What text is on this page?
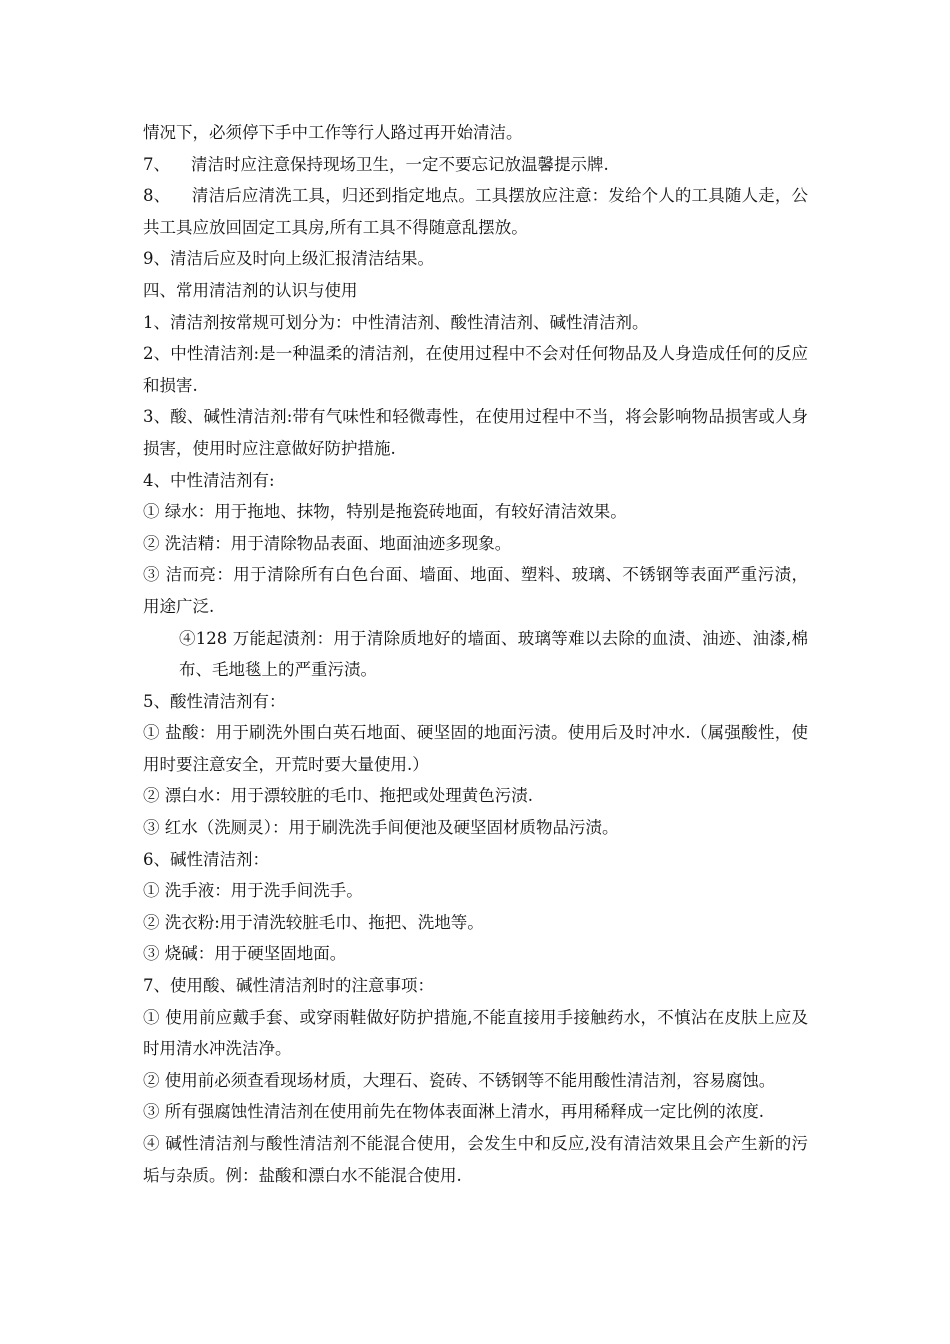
情况下，必须停下手中工作等行人路过再开始清洁。

7、    清洁时应注意保持现场卫生，一定不要忘记放温馨提示牌.

8、    清洁后应清洗工具，归还到指定地点。工具摆放应注意：发给个人的工具随人走，公共工具应放回固定工具房,所有工具不得随意乱摆放。

9、清洁后应及时向上级汇报清洁结果。

四、常用清洁剂的认识与使用

1、清洁剂按常规可划分为：中性清洁剂、酸性清洁剂、碱性清洁剂。

2、中性清洁剂:是一种温柔的清洁剂，在使用过程中不会对任何物品及人身造成任何的反应和损害.

3、酸、碱性清洁剂:带有气味性和轻微毒性，在使用过程中不当，将会影响物品损害或人身损害，使用时应注意做好防护措施.

4、中性清洁剂有:

① 绿水：用于拖地、抹物，特别是拖瓷砖地面，有较好清洁效果。

② 洗洁精：用于清除物品表面、地面油迹多现象。

③ 洁而亮：用于清除所有白色台面、墙面、地面、塑料、玻璃、不锈钢等表面严重污渍，用途广泛.

④128 万能起渍剂：用于清除质地好的墙面、玻璃等难以去除的血渍、油迹、油漆,棉布、毛地毯上的严重污渍。

5、酸性清洁剂有：

① 盐酸：用于刷洗外围白英石地面、硬坚固的地面污渍。使用后及时冲水.（属强酸性，使用时要注意安全，开荒时要大量使用.）

② 漂白水：用于漂较脏的毛巾、拖把或处理黄色污渍.

③ 红水（洗厕灵）：用于刷洗洗手间便池及硬坚固材质物品污渍。

6、碱性清洁剂：

① 洗手液：用于洗手间洗手。

② 洗衣粉:用于清洗较脏毛巾、拖把、洗地等。

③ 烧碱：用于硬坚固地面。

7、使用酸、碱性清洁剂时的注意事项：

① 使用前应戴手套、或穿雨鞋做好防护措施,不能直接用手接触药水，不慎沾在皮肤上应及时用清水冲洗洁净。

② 使用前必须查看现场材质，大理石、瓷砖、不锈钢等不能用酸性清洁剂，容易腐蚀。

③ 所有强腐蚀性清洁剂在使用前先在物体表面淋上清水，再用稀释成一定比例的浓度.

④ 碱性清洁剂与酸性清洁剂不能混合使用，会发生中和反应,没有清洁效果且会产生新的污垢与杂质。例：盐酸和漂白水不能混合使用.
